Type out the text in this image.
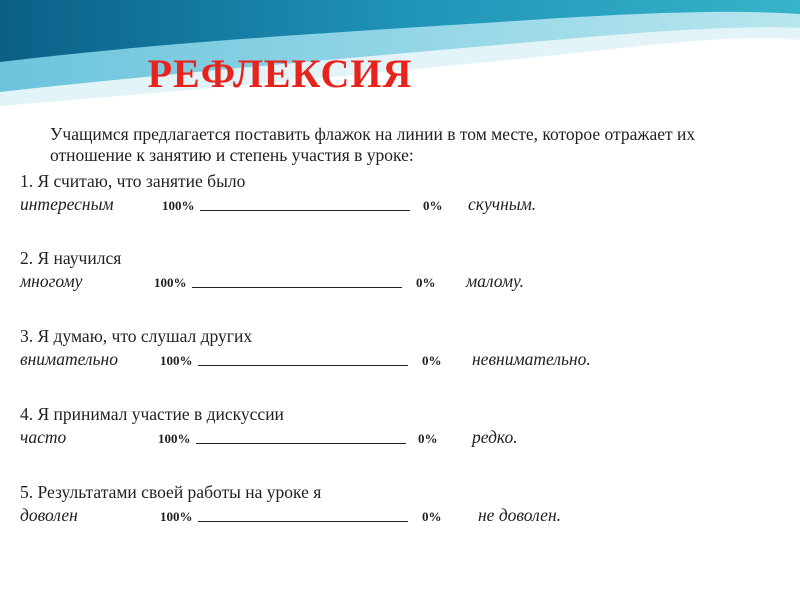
РЕФЛЕКСИЯ
Учащимся предлагается поставить флажок на линии в том месте, которое отражает их отношение к занятию и степень участия в уроке:
1. Я считаю, что занятие было
интересным	100%	0% скучным.
2. Я научился
многому	100%	0% малому.
3. Я думаю, что слушал других
внимательно	100%	0% невнимательно.
4. Я принимал участие в дискуссии
часто	100%	0% редко.
5. Результатами своей работы на уроке я
доволен	100%	0% не доволен.
